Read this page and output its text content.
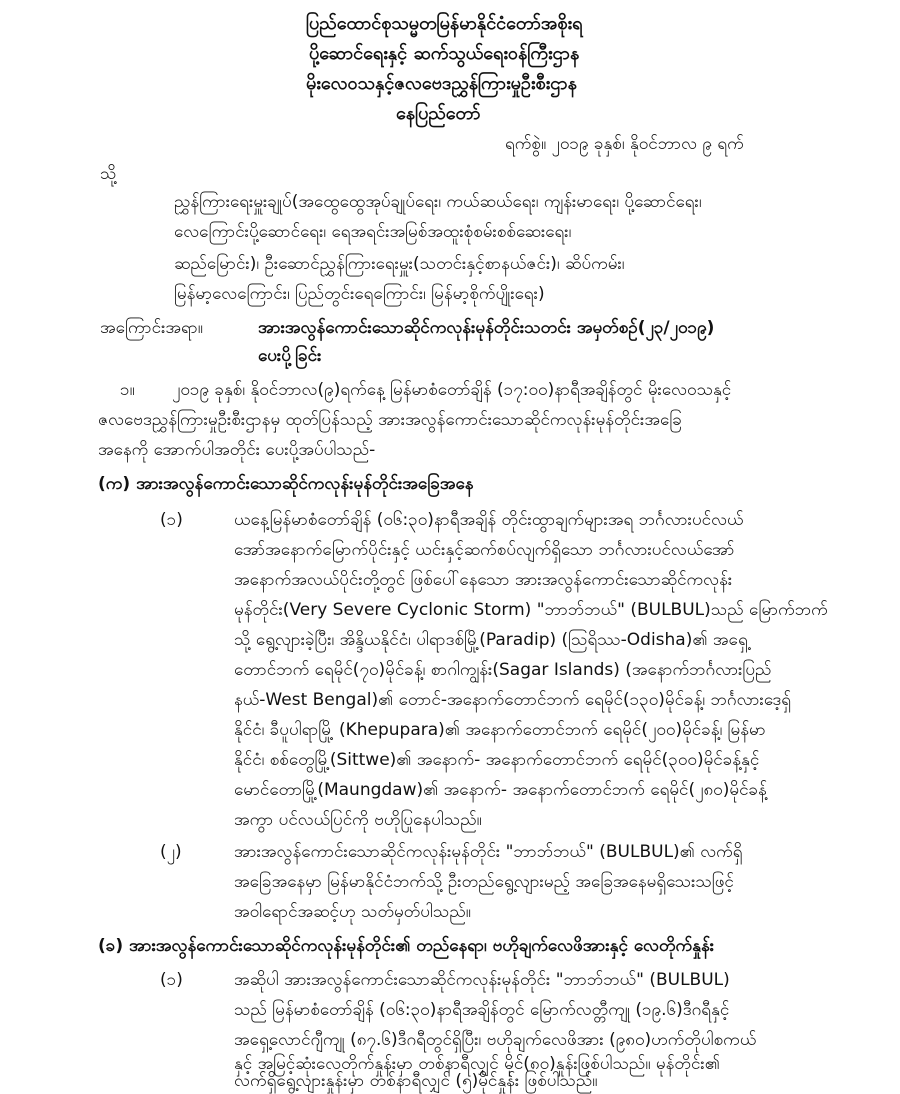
ပြည်ထောင်စုသမ္မတမြန်မာနိုင်ငံတော်အစိုးရ
ပို့ဆောင်ရေးနှင့် ဆက်သွယ်ရေးဝန်ကြီးဌာန
မိုးလေဝသနှင့်ဇလဗေဒညွှန်ကြားမှုဦးစီးဌာန
နေပြည်တော်
ရက်စွဲ။ ၂၀၁၉ ခုနှစ်၊ နိုဝင်ဘာလ ၉ ရက်
သို့
ညွှန်ကြားရေးမှူးချုပ်(အထွေထွေအုပ်ချုပ်ရေး၊ ကယ်ဆယ်ရေး၊ ကျန်းမာရေး၊ ပို့ဆောင်ရေး၊
လေကြောင်းပို့ဆောင်ရေး၊ ရေအရင်းအမြစ်အထူးစုံစမ်းစစ်ဆေးရေး၊
ဆည်မြောင်း)၊ ဦးဆောင်ညွှန်ကြားရေးမှူး(သတင်းနှင့်စာနယ်ဇင်း)၊ ဆိပ်ကမ်း၊
မြန်မာ့လေကြောင်း၊ ပြည်တွင်းရေကြောင်း၊ မြန်မာ့စိုက်ပျိုးရေး)
အကြောင်းအရာ။	အားအလွန်ကောင်းသောဆိုင်ကလုန်းမုန်တိုင်းသတင်း အမှတ်စဉ်(၂၃/၂၀၁၉)
ပေးပို့ခြင်း
၁။ ၂၀၁၉ ခုနှစ်၊ နိုဝင်ဘာလ(၉)ရက်နေ့ မြန်မာစံတော်ချိန် (၁၇:၀၀)နာရီအချိန်တွင် မိုးလေဝသနှင့်
ဇလဗေဒညွှန်ကြားမှုဦးစီးဌာနမှ ထုတ်ပြန်သည့် အားအလွန်ကောင်းသောဆိုင်ကလုန်းမုန်တိုင်းအခြေ
အနေကို အောက်ပါအတိုင်း ပေးပို့အပ်ပါသည်-
(က) အားအလွန်ကောင်းသောဆိုင်ကလုန်းမုန်တိုင်းအခြေအနေ
(၁)	ယနေ့မြန်မာစံတော်ချိန် (၀၆:၃၀)နာရီအချိန် တိုင်းထွာချက်များအရ ဘင်္ဂလားပင်လယ်
အော်အနောက်မြောက်ပိုင်းနှင့် ယင်းနှင့်ဆက်စပ်လျက်ရှိသော ဘင်္ဂလားပင်လယ်အော်
အနောက်အလယ်ပိုင်းတို့တွင် ဖြစ်ပေါ်နေသော အားအလွန်ကောင်းသောဆိုင်ကလုန်း
မုန်တိုင်း(Very Severe Cyclonic Storm) "ဘာဘ်ဘယ်" (BULBUL)သည် မြောက်ဘက်
သို့ ရွေ့လျားခဲ့ပြီး၊ အိန္ဒိယနိုင်ငံ၊ ပါရာဒစ်မြို့(Paradip) (ဩရိဿ-Odisha)၏ အရှေ့
တောင်ဘက် ရေမိုင်(၇၀)မိုင်ခန့်၊ စာဂါကျွန်း(Sagar Islands) (အနောက်ဘင်္ဂလားပြည်
နယ်-West Bengal)၏ တောင်-အနောက်တောင်ဘက် ရေမိုင်(၁၃၀)မိုင်ခန့်၊ ဘင်္ဂလားဒေ့ရှ်
နိုင်ငံ၊ ခီပူပါရာမြို့ (Khepupara)၏ အနောက်တောင်ဘက် ရေမိုင်(၂၀၀)မိုင်ခန့်၊ မြန်မာ
နိုင်ငံ၊ စစ်တွေမြို့(Sittwe)၏ အနောက်- အနောက်တောင်ဘက် ရေမိုင်(၃၀၀)မိုင်ခန့်နှင့်
မောင်တောမြို့(Maungdaw)၏ အနောက်- အနောက်တောင်ဘက် ရေမိုင်(၂၈၀)မိုင်ခန့်
အကွာ ပင်လယ်ပြင်ကို ဗဟိုပြုနေပါသည်။
(၂)	အားအလွန်ကောင်းသောဆိုင်ကလုန်းမုန်တိုင်း "ဘာဘ်ဘယ်" (BULBUL)၏ လက်ရှိ
အခြေအနေမှာ မြန်မာနိုင်ငံဘက်သို့ ဦးတည်ရွေ့လျားမည့် အခြေအနေမရှိသေးသဖြင့်
အဝါရောင်အဆင့်ဟု သတ်မှတ်ပါသည်။
(ခ) အားအလွန်ကောင်းသောဆိုင်ကလုန်းမုန်တိုင်း၏ တည်နေရာ၊ ဗဟိုချက်လေဖိအားနှင့် လေတိုက်နှုန်း
(၁)	အဆိုပါ အားအလွန်ကောင်းသောဆိုင်ကလုန်းမုန်တိုင်း "ဘာဘ်ဘယ်" (BULBUL)
သည် မြန်မာစံတော်ချိန် (၀၆:၃၀)နာရီအချိန်တွင် မြောက်လတ္တီကျု (၁၉.၆)ဒီဂရီနှင့်
အရှေ့လောင်ဂျီကျု (၈၇.၆)ဒီဂရီတွင်ရှိပြီး၊ ဗဟိုချက်လေဖိအား (၉၈၀)ဟက်တိုပါစကယ်
နှင့် အမြင့်ဆုံးလေတိုက်နှုန်းမှာ တစ်နာရီလျှင် မိုင်(၈၀)နှုန်းဖြစ်ပါသည်။ မုန်တိုင်း၏
လက်ရှိရွေ့လျားနှုန်းမှာ တစ်နာရီလျှင် (၅)မိုင်နှုန်း ဖြစ်ပါသည်။
